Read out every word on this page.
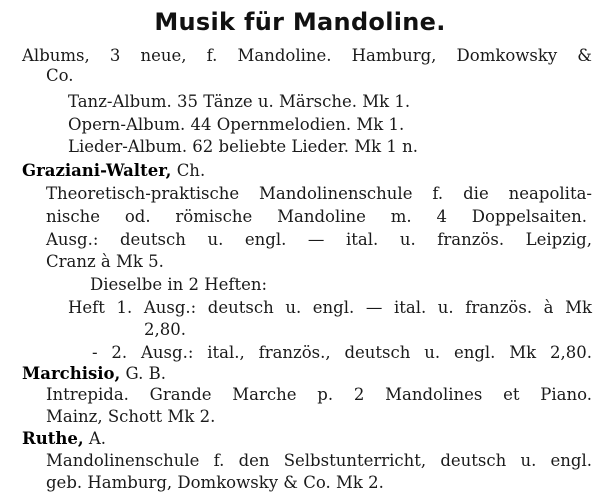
Musik für Mandoline.
Albums, 3 neue, f. Mandoline. Hamburg, Domkowsky &
Co.
Tanz-Album. 35 Tänze u. Märsche. Mk 1.
Opern-Album. 44 Opernmelodien. Mk 1.
Lieder-Album. 62 beliebte Lieder. Mk 1 n.
Graziani-Walter, Ch.
Theoretisch-praktische Mandolinenschule f. die neapolita-
nische od. römische Mandoline m. 4 Doppelsaiten.
Ausg.: deutsch u. engl. — ital. u. französ. Leipzig,
Cranz à Mk 5.
Dieselbe in 2 Heften:
Heft 1. Ausg.: deutsch u. engl. — ital. u. französ. à Mk
2,80.
- 2. Ausg.: ital., französ., deutsch u. engl. Mk 2,80.
Marchisio, G. B.
Intrepida. Grande Marche p. 2 Mandolines et Piano.
Mainz, Schott Mk 2.
Ruthe, A.
Mandolinenschule f. den Selbstunterricht, deutsch u. engl.
geb. Hamburg, Domkowsky & Co. Mk 2.
